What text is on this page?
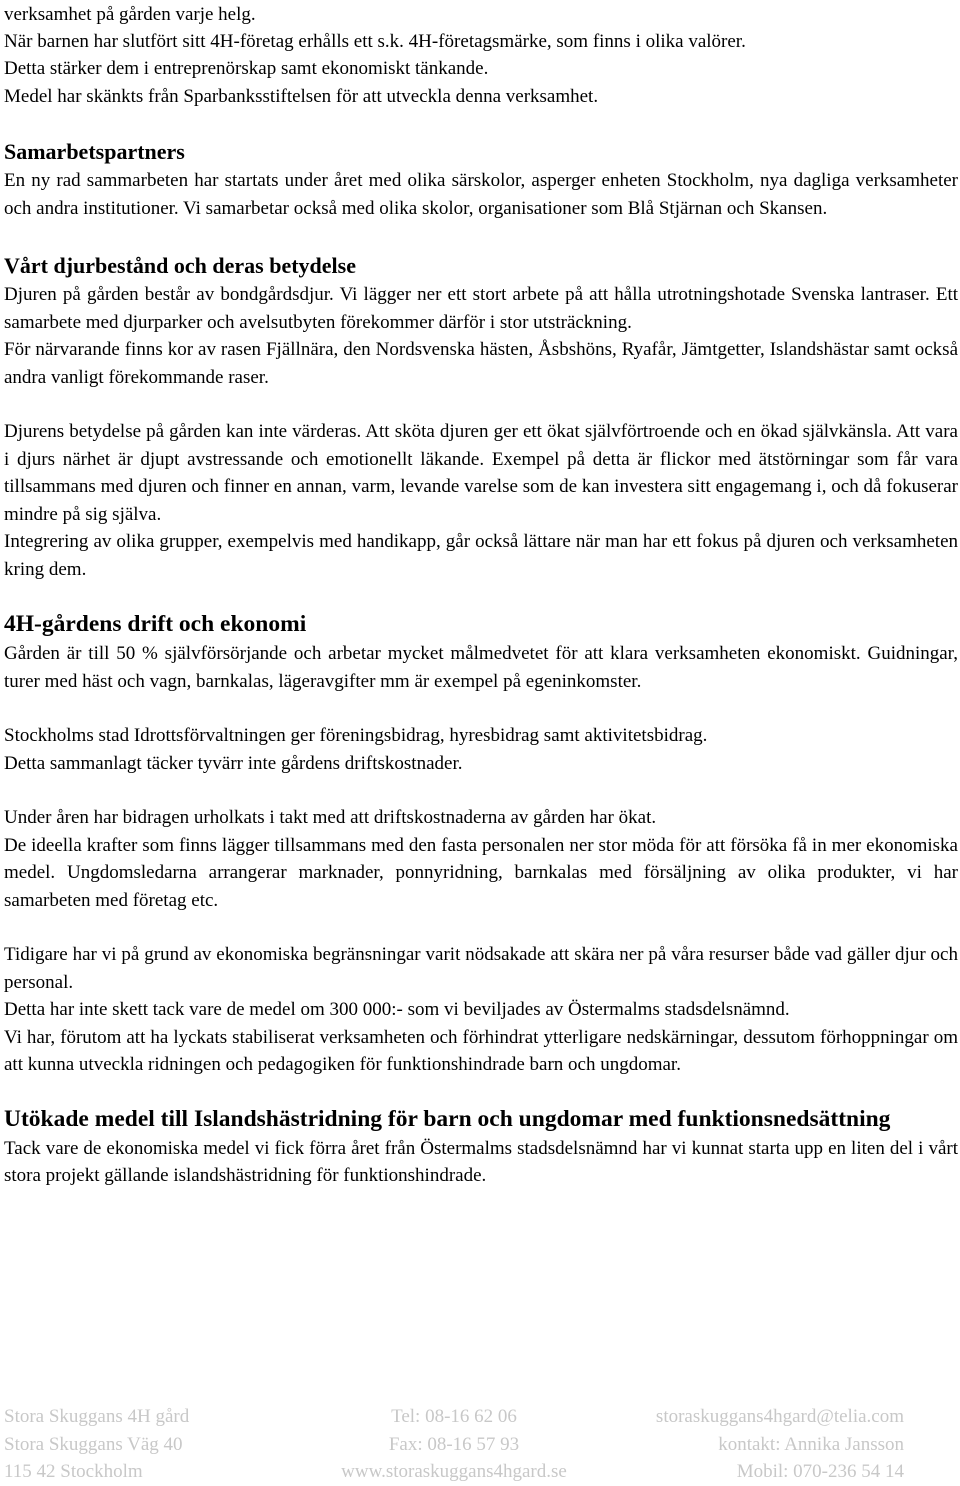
verksamhet på gården varje helg.

När barnen har slutfört sitt 4H-företag erhålls ett s.k. 4H-företagsmärke, som finns i olika valörer.

Detta stärker dem i entreprenörskap samt ekonomiskt tänkande.

Medel har skänkts från Sparbanksstiftelsen för att utveckla denna verksamhet.

Samarbetspartners

En ny rad sammarbeten har startats under året med olika särskolor, asperger enheten Stockholm, nya dagliga verksamheter och andra institutioner. Vi samarbetar också med olika skolor, organisationer som Blå Stjärnan och Skansen.

Vårt djurbestånd och deras betydelse

Djuren på gården består av bondgårdsdjur. Vi lägger ner ett stort arbete på att hålla utrotningshotade Svenska lantraser. Ett samarbete med djurparker och avelsutbyten förekommer därför i stor utsträckning.

För närvarande finns kor av rasen Fjällnära, den Nordsvenska hästen, Åsbshöns, Ryafår, Jämtgetter, Islandshästar samt också andra vanligt förekommande raser.

Djurens betydelse på gården kan inte värderas. Att sköta djuren ger ett ökat självförtroende och en ökad självkänsla. Att vara i djurs närhet är djupt avstressande och emotionellt läkande. Exempel på detta är flickor med ätstörningar som får vara tillsammans med djuren och finner en annan, varm, levande varelse som de kan investera sitt engagemang i, och då fokuserar mindre på sig själva.

Integrering av olika grupper, exempelvis med handikapp, går också lättare när man har ett fokus på djuren och verksamheten kring dem.

4H-gårdens drift och ekonomi

Gården är till 50 % självförsörjande och arbetar mycket målmedvetet för att klara verksamheten ekonomiskt. Guidningar, turer med häst och vagn, barnkalas, lägeravgifter mm är exempel på egeninkomster.

Stockholms stad Idrottsförvaltningen ger föreningsbidrag, hyresbidrag samt aktivitetsbidrag.

Detta sammanlagt täcker tyvärr inte gårdens driftskostnader.

Under åren har bidragen urholkats i takt med att driftskostnaderna av gården har ökat.

De ideella krafter som finns lägger tillsammans med den fasta personalen ner stor möda för att försöka få in mer ekonomiska medel. Ungdomsledarna arrangerar marknader, ponnyridning, barnkalas med försäljning av olika produkter, vi har samarbeten med företag etc.

Tidigare har vi på grund av ekonomiska begränsningar varit nödsakade att skära ner på våra resurser både vad gäller djur och personal.

Detta har inte skett tack vare de medel om 300 000:- som vi beviljades av Östermalms stadsdelsnämnd.

Vi har, förutom att ha lyckats stabiliserat verksamheten och förhindrat ytterligare nedskärningar, dessutom förhoppningar om att kunna utveckla ridningen och pedagogiken för funktionshindrade barn och ungdomar.

Utökade medel till Islandshästridning för barn och ungdomar med funktionsnedsättning

Tack vare de ekonomiska medel vi fick förra året från Östermalms stadsdelsnämnd har vi kunnat starta upp en liten del i vårt stora projekt gällande islandshästridning för funktionshindrade.

Stora Skuggans 4H gård	Tel: 08-16 62 06	storaskuggans4hgard@telia.com
Stora Skuggans Väg 40	Fax: 08-16 57 93	kontakt: Annika Jansson
115 42 Stockholm	www.storaskuggans4hgard.se	Mobil: 070-236 54 14
